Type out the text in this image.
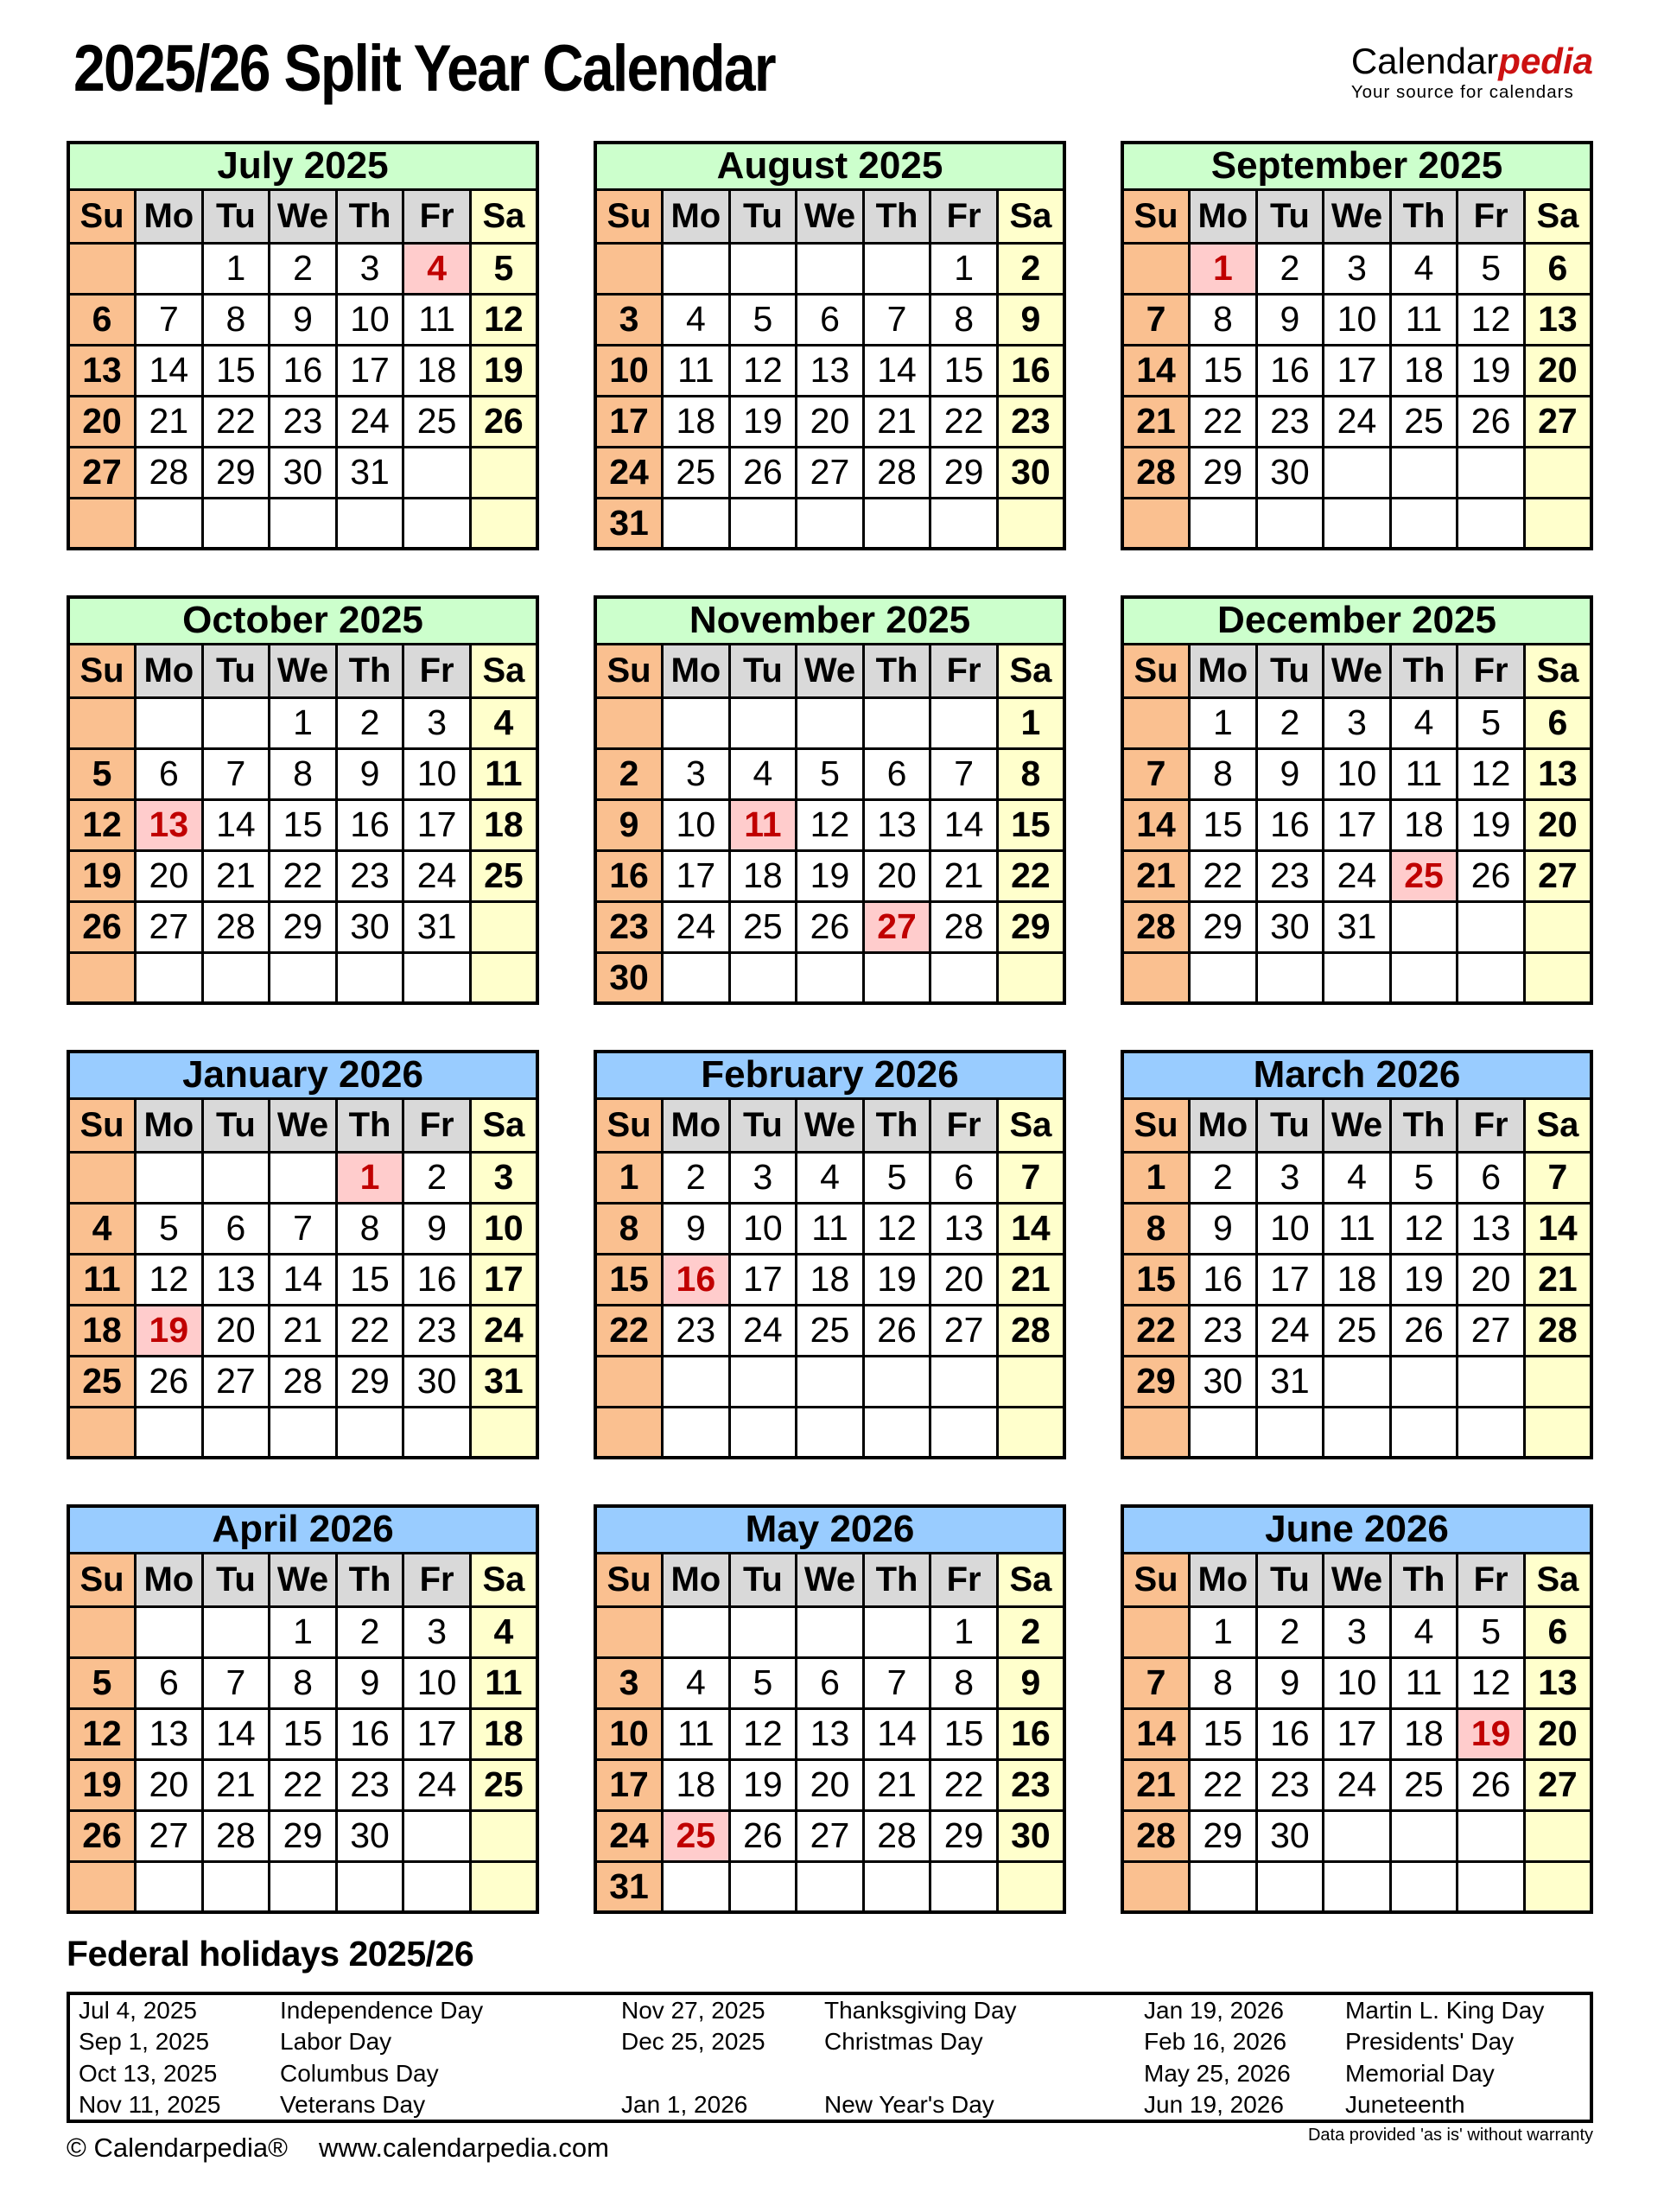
2025/26 Split Year Calendar	Calendarpedia
Your source for calendars
July 2025						
Su	Mo	Tu	We	Th	Fr	Sa
		1	2	3	4	5
6	7	8	9	10	11	12
13	14	15	16	17	18	19
20	21	22	23	24	25	26
27	28	29	30	31		

August 2025						
Su	Mo	Tu	We	Th	Fr	Sa
					1	2
3	4	5	6	7	8	9
10	11	12	13	14	15	16
17	18	19	20	21	22	23
24	25	26	27	28	29	30
31						
September 2025						
Su	Mo	Tu	We	Th	Fr	Sa
	1	2	3	4	5	6
7	8	9	10	11	12	13
14	15	16	17	18	19	20
21	22	23	24	25	26	27
28	29	30				

October 2025						
Su	Mo	Tu	We	Th	Fr	Sa
			1	2	3	4
5	6	7	8	9	10	11
12	13	14	15	16	17	18
19	20	21	22	23	24	25
26	27	28	29	30	31	

November 2025						
Su	Mo	Tu	We	Th	Fr	Sa
						1
2	3	4	5	6	7	8
9	10	11	12	13	14	15
16	17	18	19	20	21	22
23	24	25	26	27	28	29
30						
December 2025						
Su	Mo	Tu	We	Th	Fr	Sa
	1	2	3	4	5	6
7	8	9	10	11	12	13
14	15	16	17	18	19	20
21	22	23	24	25	26	27
28	29	30	31			

January 2026						
Su	Mo	Tu	We	Th	Fr	Sa
				1	2	3
4	5	6	7	8	9	10
11	12	13	14	15	16	17
18	19	20	21	22	23	24
25	26	27	28	29	30	31

February 2026						
Su	Mo	Tu	We	Th	Fr	Sa
1	2	3	4	5	6	7
8	9	10	11	12	13	14
15	16	17	18	19	20	21
22	23	24	25	26	27	28

March 2026						
Su	Mo	Tu	We	Th	Fr	Sa
1	2	3	4	5	6	7
8	9	10	11	12	13	14
15	16	17	18	19	20	21
22	23	24	25	26	27	28
29	30	31				

April 2026						
Su	Mo	Tu	We	Th	Fr	Sa
			1	2	3	4
5	6	7	8	9	10	11
12	13	14	15	16	17	18
19	20	21	22	23	24	25
26	27	28	29	30		

May 2026						
Su	Mo	Tu	We	Th	Fr	Sa
					1	2
3	4	5	6	7	8	9
10	11	12	13	14	15	16
17	18	19	20	21	22	23
24	25	26	27	28	29	30
31						
June 2026						
Su	Mo	Tu	We	Th	Fr	Sa
	1	2	3	4	5	6
7	8	9	10	11	12	13
14	15	16	17	18	19	20
21	22	23	24	25	26	27
28	29	30				

Federal holidays 2025/26
Jul 4, 2025	Independence Day	Nov 27, 2025	Thanksgiving Day	Jan 19, 2026	Martin L. King Day
Sep 1, 2025	Labor Day	Dec 25, 2025	Christmas Day	Feb 16, 2026	Presidents' Day
Oct 13, 2025	Columbus Day			May 25, 2026	Memorial Day
Nov 11, 2025	Veterans Day	Jan 1, 2026	New Year's Day	Jun 19, 2026	Juneteenth
© Calendarpedia® www.calendarpedia.com	Data provided 'as is' without warranty
